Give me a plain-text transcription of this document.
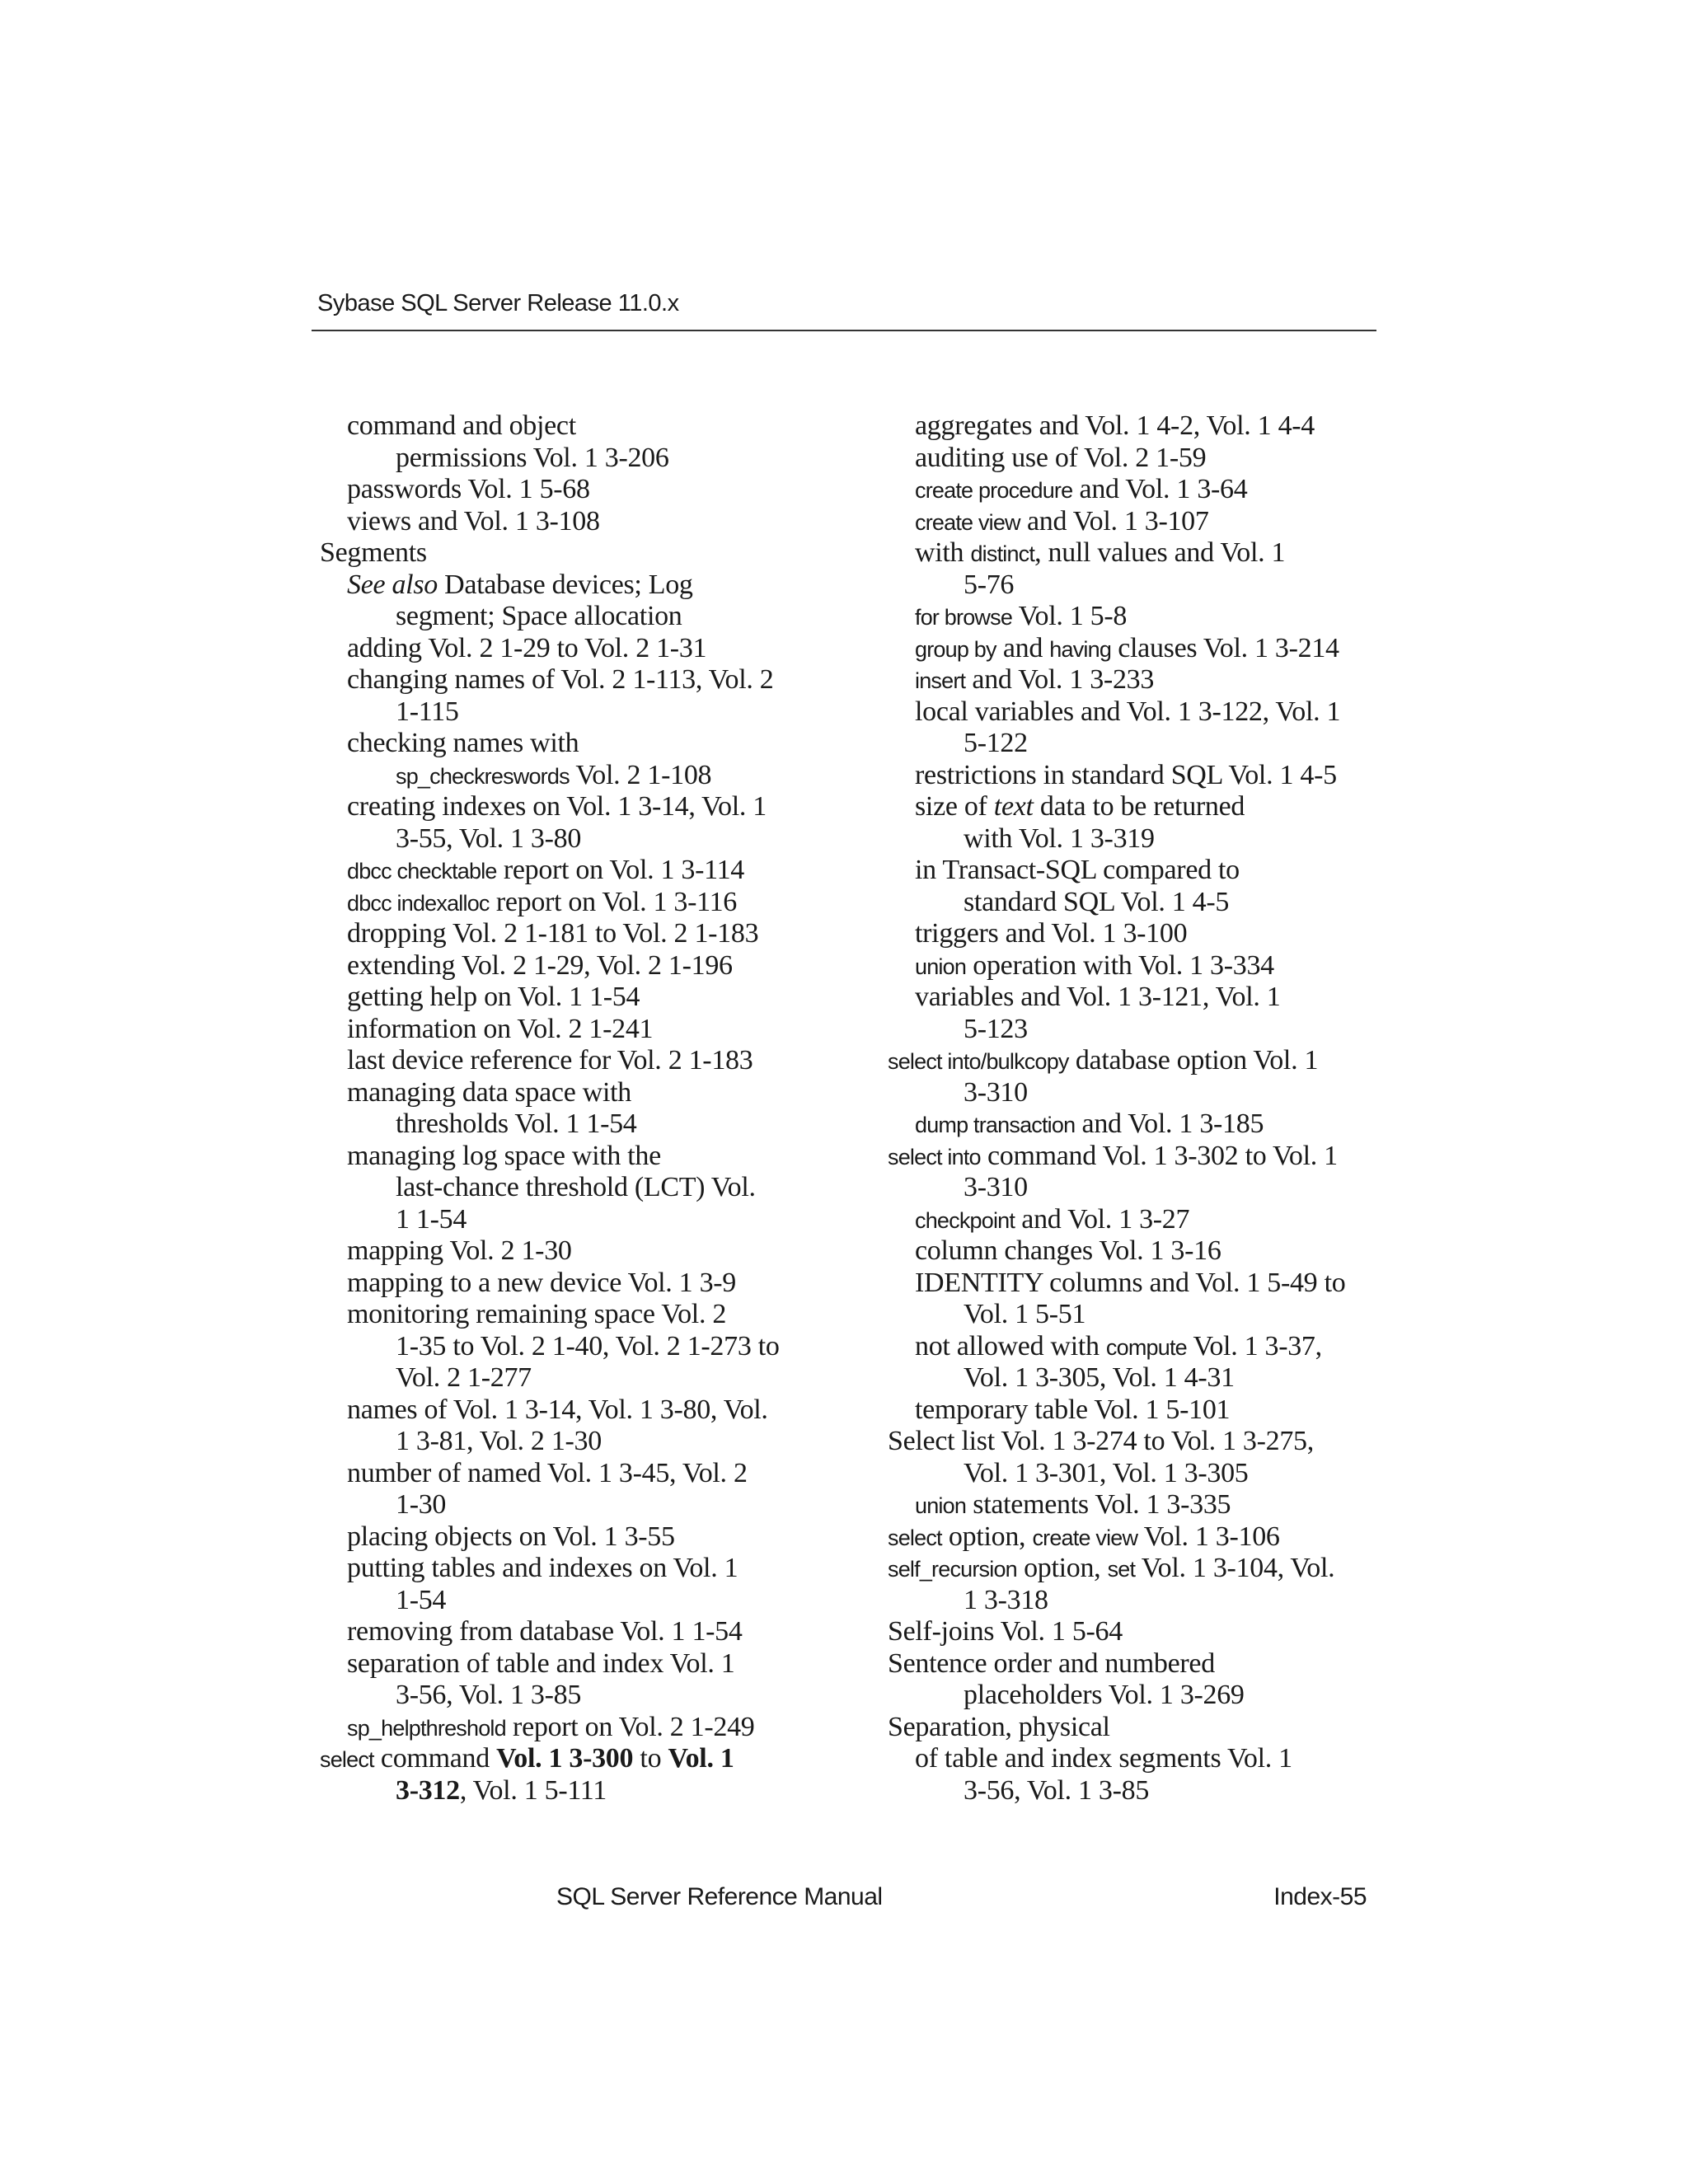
Sybase SQL Server Release 11.0.x
command and object
permissions Vol. 1 3-206
passwords Vol. 1 5-68
views and Vol. 1 3-108
Segments
See also Database devices; Log
segment; Space allocation
adding Vol. 2 1-29 to Vol. 2 1-31
changing names of Vol. 2 1-113, Vol. 2
1-115
checking names with
sp_checkreswords Vol. 2 1-108
creating indexes on Vol. 1 3-14, Vol. 1
3-55, Vol. 1 3-80
dbcc checktable report on Vol. 1 3-114
dbcc indexalloc report on Vol. 1 3-116
dropping Vol. 2 1-181 to Vol. 2 1-183
extending Vol. 2 1-29, Vol. 2 1-196
getting help on Vol. 1 1-54
information on Vol. 2 1-241
last device reference for Vol. 2 1-183
managing data space with
thresholds Vol. 1 1-54
managing log space with the
last-chance threshold (LCT) Vol.
1 1-54
mapping Vol. 2 1-30
mapping to a new device Vol. 1 3-9
monitoring remaining space Vol. 2
1-35 to Vol. 2 1-40, Vol. 2 1-273 to
Vol. 2 1-277
names of Vol. 1 3-14, Vol. 1 3-80, Vol.
1 3-81, Vol. 2 1-30
number of named Vol. 1 3-45, Vol. 2
1-30
placing objects on Vol. 1 3-55
putting tables and indexes on Vol. 1
1-54
removing from database Vol. 1 1-54
separation of table and index Vol. 1
3-56, Vol. 1 3-85
sp_helpthreshold report on Vol. 2 1-249
select command Vol. 1 3-300 to Vol. 1
3-312, Vol. 1 5-111
aggregates and Vol. 1 4-2, Vol. 1 4-4
auditing use of Vol. 2 1-59
create procedure and Vol. 1 3-64
create view and Vol. 1 3-107
with distinct, null values and Vol. 1
5-76
for browse Vol. 1 5-8
group by and having clauses Vol. 1 3-214
insert and Vol. 1 3-233
local variables and Vol. 1 3-122, Vol. 1
5-122
restrictions in standard SQL Vol. 1 4-5
size of text data to be returned
with Vol. 1 3-319
in Transact-SQL compared to
standard SQL Vol. 1 4-5
triggers and Vol. 1 3-100
union operation with Vol. 1 3-334
variables and Vol. 1 3-121, Vol. 1
5-123
select into/bulkcopy database option Vol. 1
3-310
dump transaction and Vol. 1 3-185
select into command Vol. 1 3-302 to Vol. 1
3-310
checkpoint and Vol. 1 3-27
column changes Vol. 1 3-16
IDENTITY columns and Vol. 1 5-49 to
Vol. 1 5-51
not allowed with compute Vol. 1 3-37,
Vol. 1 3-305, Vol. 1 4-31
temporary table Vol. 1 5-101
Select list Vol. 1 3-274 to Vol. 1 3-275,
Vol. 1 3-301, Vol. 1 3-305
union statements Vol. 1 3-335
select option, create view Vol. 1 3-106
self_recursion option, set Vol. 1 3-104, Vol.
1 3-318
Self-joins Vol. 1 5-64
Sentence order and numbered
placeholders Vol. 1 3-269
Separation, physical
of table and index segments Vol. 1
3-56, Vol. 1 3-85
SQL Server Reference Manual	Index-55
